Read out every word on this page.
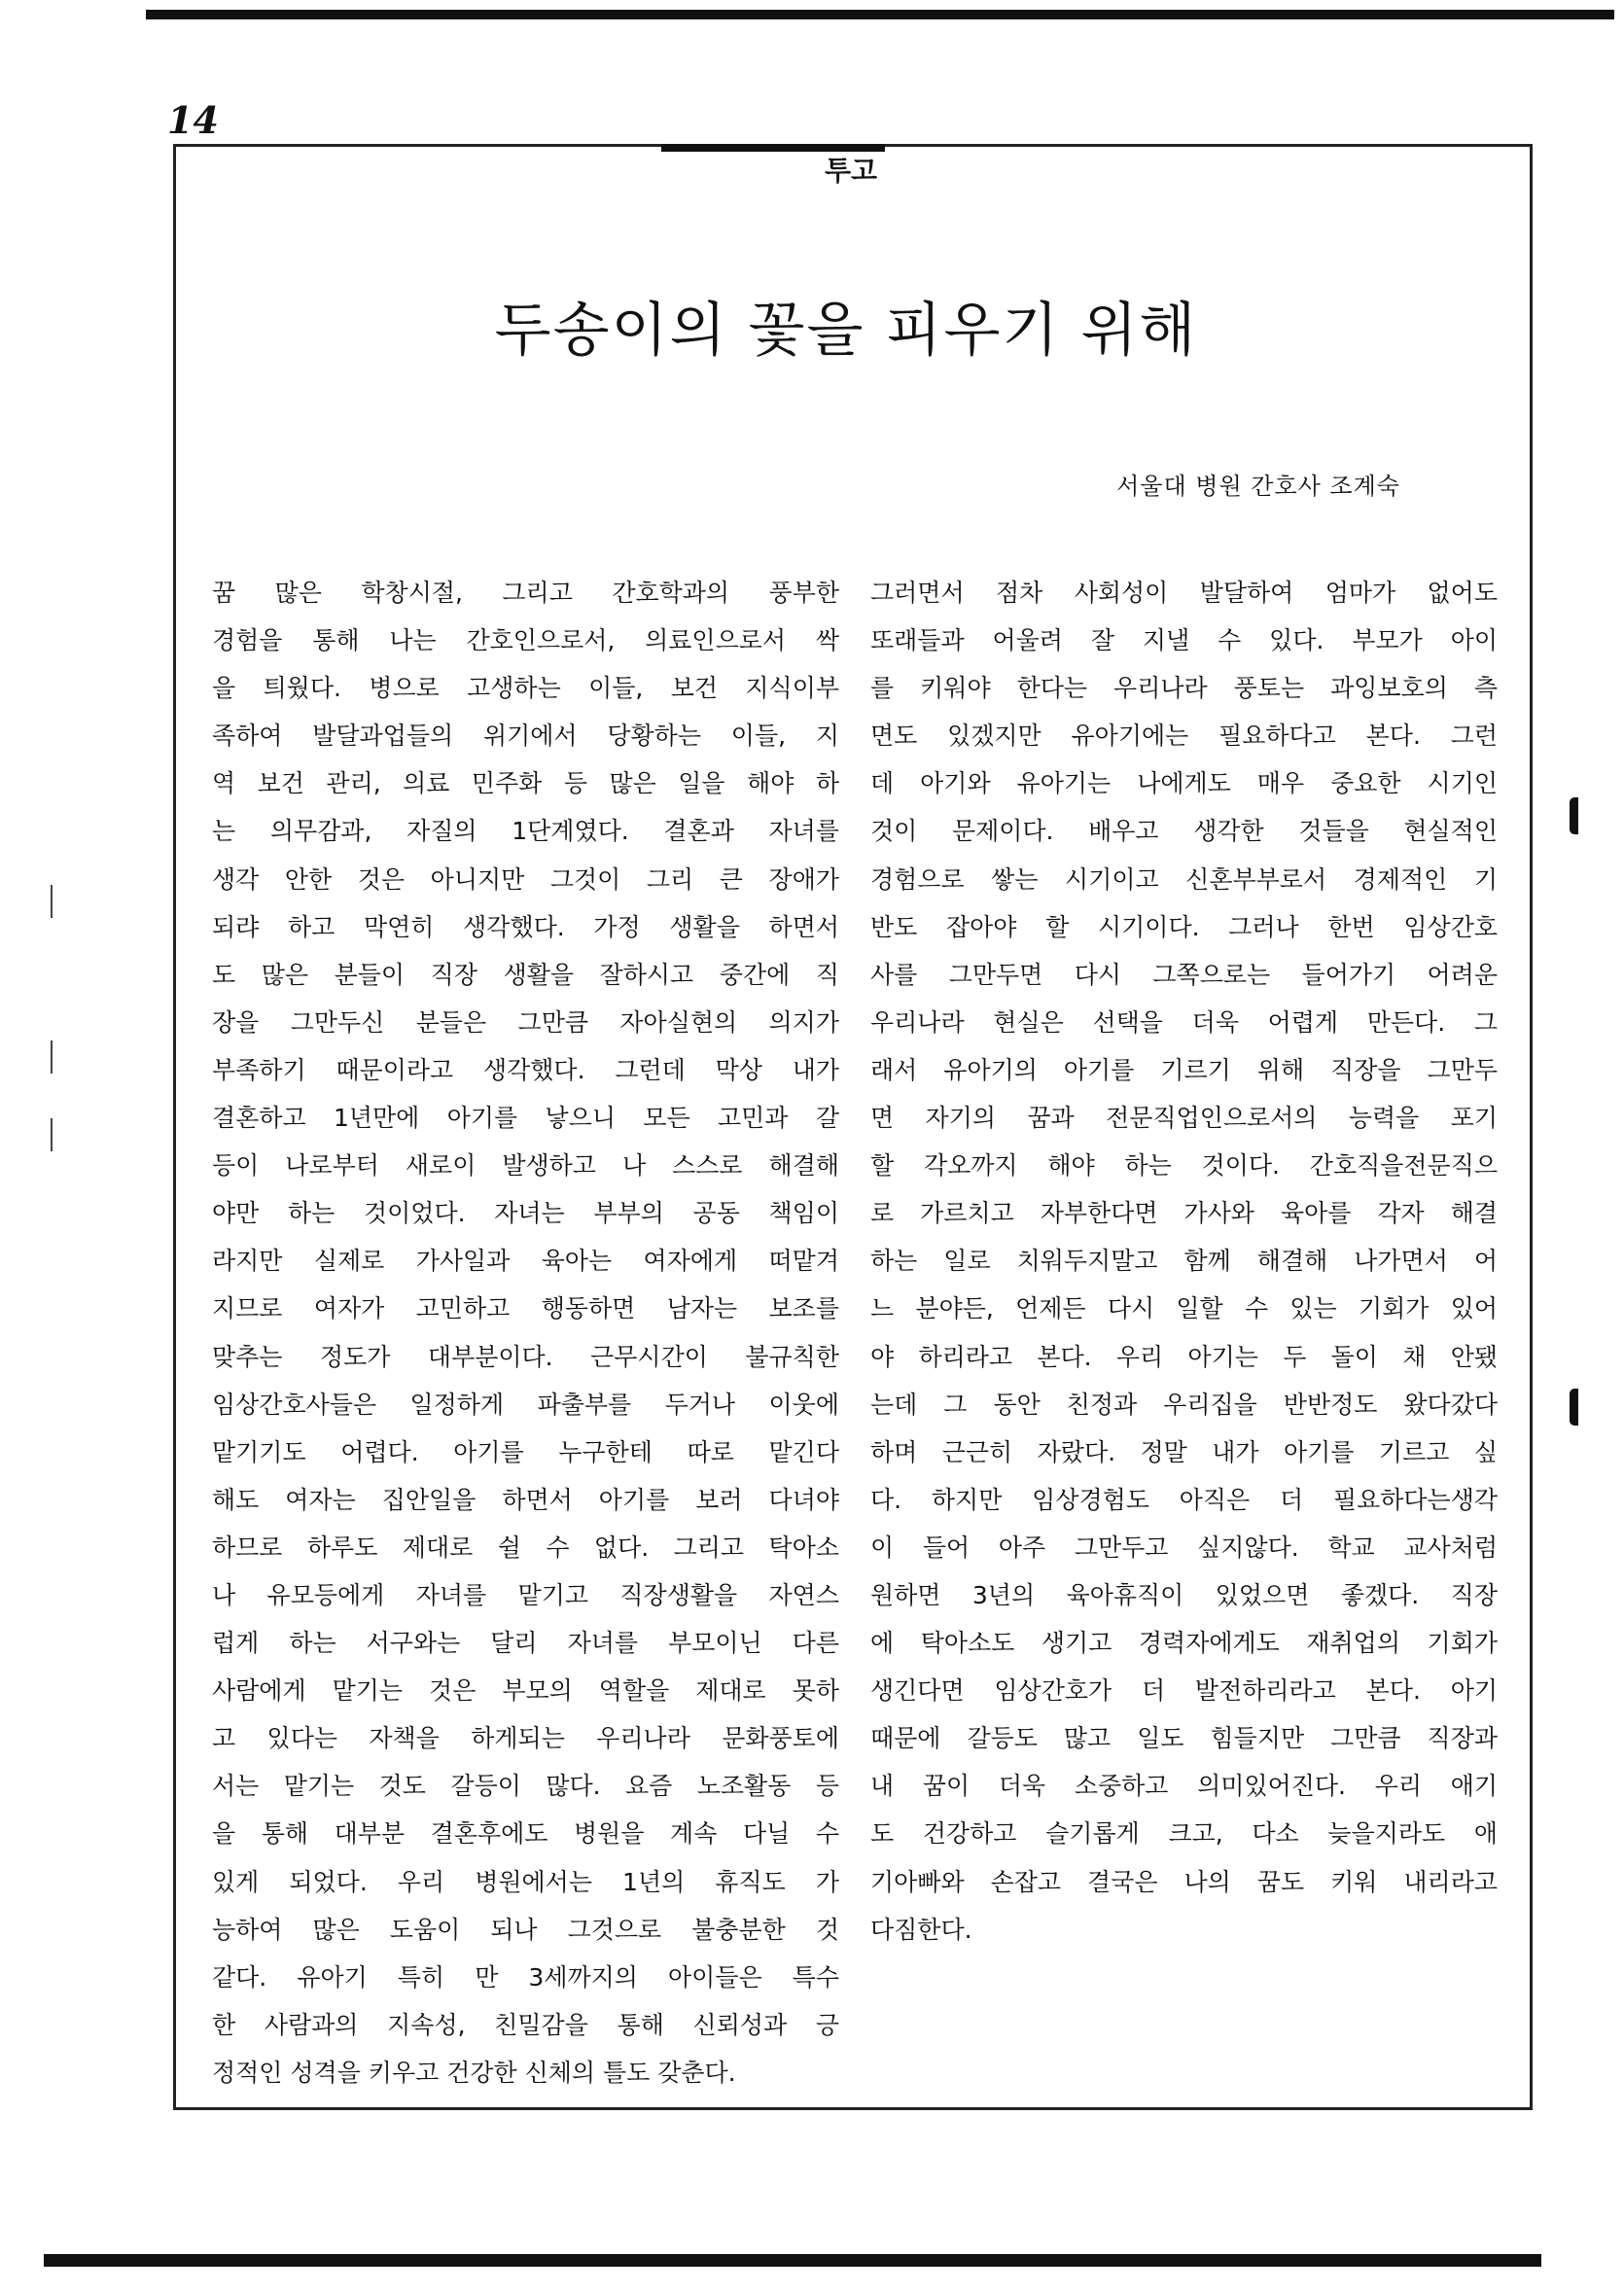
14
투고
두송이의 꽃을 피우기 위해
서울대 병원 간호사 조계숙
꿈 많은 학창시절, 그리고 간호학과의 풍부한
경험을 통해 나는 간호인으로서, 의료인으로서 싹
을 틔웠다. 병으로 고생하는 이들, 보건 지식이부
족하여 발달과업들의 위기에서 당황하는 이들, 지
역 보건 관리, 의료 민주화 등 많은 일을 해야 하
는 의무감과, 자질의 1단계였다. 결혼과 자녀를
생각 안한 것은 아니지만 그것이 그리 큰 장애가
되랴 하고 막연히 생각했다. 가정 생활을 하면서
도 많은 분들이 직장 생활을 잘하시고 중간에 직
장을 그만두신 분들은 그만큼 자아실현의 의지가
부족하기 때문이라고 생각했다. 그런데 막상 내가
결혼하고 1년만에 아기를 낳으니 모든 고민과 갈
등이 나로부터 새로이 발생하고 나 스스로 해결해
야만 하는 것이었다. 자녀는 부부의 공동 책임이
라지만 실제로 가사일과 육아는 여자에게 떠맡겨
지므로 여자가 고민하고 행동하면 남자는 보조를
맞추는 정도가 대부분이다. 근무시간이 불규칙한
임상간호사들은 일정하게 파출부를 두거나 이웃에
맡기기도 어렵다. 아기를 누구한테 따로 맡긴다
해도 여자는 집안일을 하면서 아기를 보러 다녀야
하므로 하루도 제대로 쉴 수 없다. 그리고 탁아소
나 유모등에게 자녀를 맡기고 직장생활을 자연스
럽게 하는 서구와는 달리 자녀를 부모이닌 다른
사람에게 맡기는 것은 부모의 역할을 제대로 못하
고 있다는 자책을 하게되는 우리나라 문화풍토에
서는 맡기는 것도 갈등이 많다. 요즘 노조활동 등
을 통해 대부분 결혼후에도 병원을 계속 다닐 수
있게 되었다. 우리 병원에서는 1년의 휴직도 가
능하여 많은 도움이 되나 그것으로 불충분한 것
같다. 유아기 특히 만 3세까지의 아이들은 특수
한 사람과의 지속성, 친밀감을 통해 신뢰성과 긍
정적인 성격을 키우고 건강한 신체의 틀도 갖춘다.
그러면서 점차 사회성이 발달하여 엄마가 없어도
또래들과 어울려 잘 지낼 수 있다. 부모가 아이
를 키워야 한다는 우리나라 풍토는 과잉보호의 측
면도 있겠지만 유아기에는 필요하다고 본다. 그런
데 아기와 유아기는 나에게도 매우 중요한 시기인
것이 문제이다. 배우고 생각한 것들을 현실적인
경험으로 쌓는 시기이고 신혼부부로서 경제적인 기
반도 잡아야 할 시기이다. 그러나 한번 임상간호
사를 그만두면 다시 그쪽으로는 들어가기 어려운
우리나라 현실은 선택을 더욱 어렵게 만든다. 그
래서 유아기의 아기를 기르기 위해 직장을 그만두
면 자기의 꿈과 전문직업인으로서의 능력을 포기
할 각오까지 해야 하는 것이다. 간호직을전문직으
로 가르치고 자부한다면 가사와 육아를 각자 해결
하는 일로 치워두지말고 함께 해결해 나가면서 어
느 분야든, 언제든 다시 일할 수 있는 기회가 있어
야 하리라고 본다. 우리 아기는 두 돌이 채 안됐
는데 그 동안 친정과 우리집을 반반정도 왔다갔다
하며 근근히 자랐다. 정말 내가 아기를 기르고 싶
다. 하지만 임상경험도 아직은 더 필요하다는생각
이 들어 아주 그만두고 싶지않다. 학교 교사처럼
원하면 3년의 육아휴직이 있었으면 좋겠다. 직장
에 탁아소도 생기고 경력자에게도 재취업의 기회가
생긴다면 임상간호가 더 발전하리라고 본다. 아기
때문에 갈등도 많고 일도 힘들지만 그만큼 직장과
내 꿈이 더욱 소중하고 의미있어진다. 우리 애기
도 건강하고 슬기롭게 크고, 다소 늦을지라도 애
기아빠와 손잡고 결국은 나의 꿈도 키워 내리라고
다짐한다.
